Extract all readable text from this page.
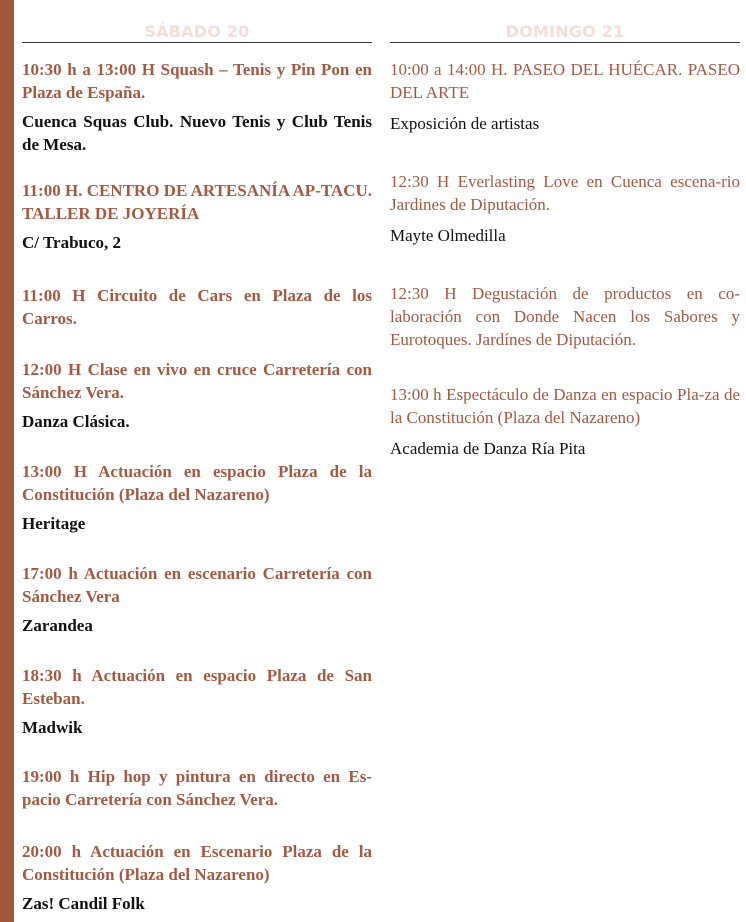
SÁBADO 20

10:30 h a 13:00 H Squash – Tenis y Pin Pon en Plaza de España.

Cuenca Squas Club. Nuevo Tenis y Club Tenis de Mesa.

11:00 H. CENTRO DE ARTESANÍA AP-TACU. TALLER DE JOYERÍA

C/ Trabuco, 2

11:00 H Circuito de Cars en Plaza de los Carros.

12:00 H Clase en vivo en cruce Carretería con Sánchez Vera.

Danza Clásica.

13:00 H Actuación en espacio Plaza de la Constitución (Plaza del Nazareno)

Heritage

17:00 h Actuación en escenario Carretería con Sánchez Vera

Zarandea

18:30 h Actuación en espacio Plaza de San Esteban.

Madwik

19:00 h Hip hop y pintura en directo en Es-pacio Carretería con Sánchez Vera.

20:00 h Actuación en Escenario Plaza de la Constitución (Plaza del Nazareno)

Zas! Candil Folk

DOMINGO 21

10:00 a 14:00 H. PASEO DEL HUÉCAR. PASEO DEL ARTE

Exposición de artistas

12:30 H Everlasting Love en Cuenca escena-rio Jardines de Diputación.

Mayte Olmedilla

12:30 H Degustación de productos en co-laboración con Donde Nacen los Sabores y Eurotoques. Jardínes de Diputación.

13:00 h Espectáculo de Danza en espacio Pla-za de la Constitución (Plaza del Nazareno)

Academia de Danza Ría Pita
